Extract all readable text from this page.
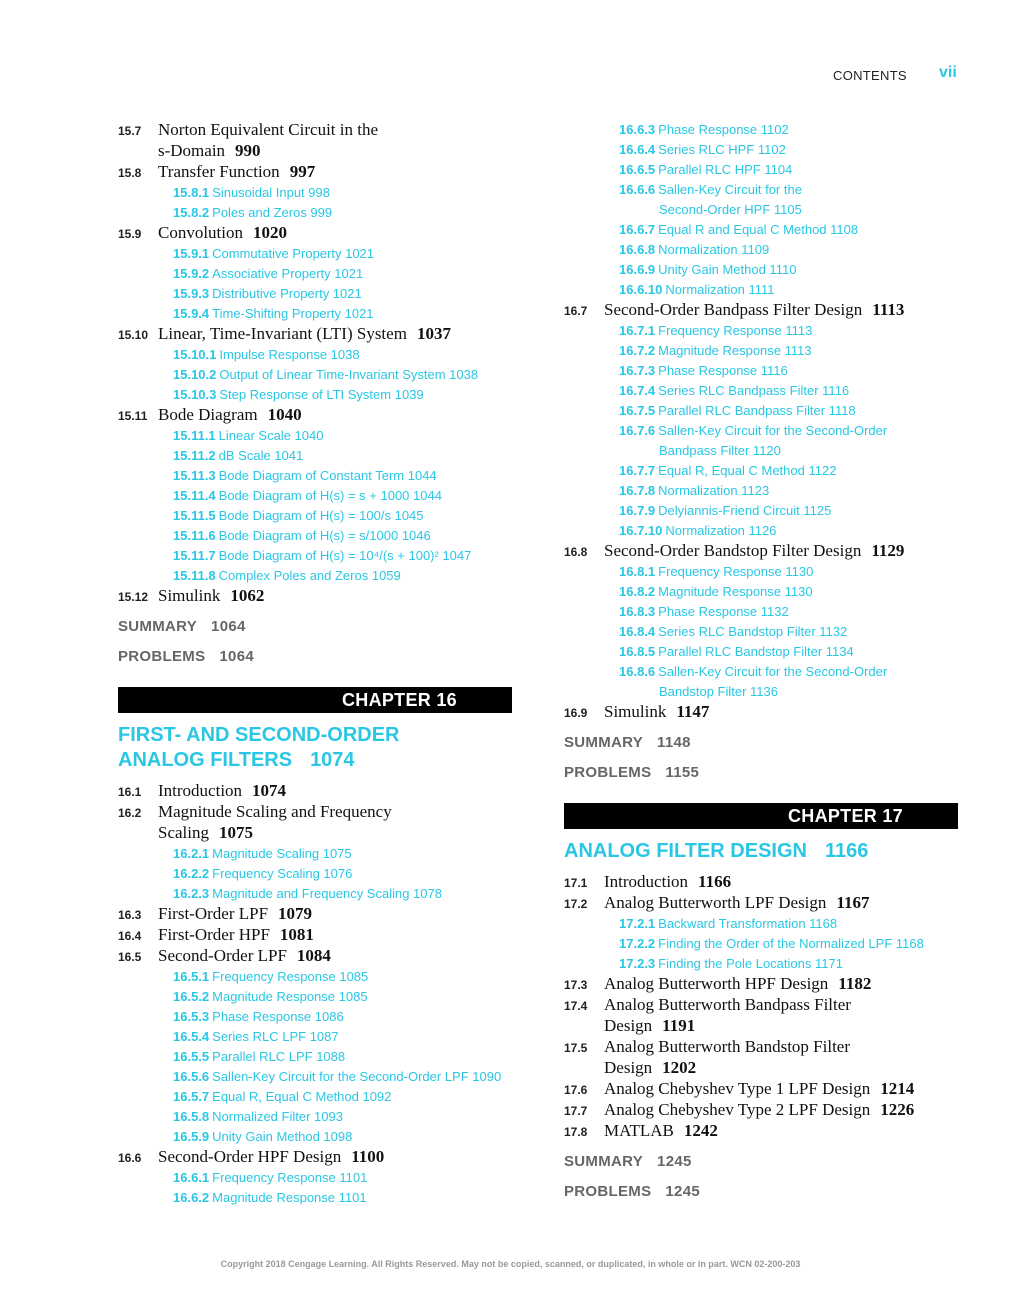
CONTENTS vii
15.7 Norton Equivalent Circuit in the
s-Domain 990
15.8 Transfer Function 997
15.8.1 Sinusoidal Input 998
15.8.2 Poles and Zeros 999
15.9 Convolution 1020
15.9.1 Commutative Property 1021
15.9.2 Associative Property 1021
15.9.3 Distributive Property 1021
15.9.4 Time-Shifting Property 1021
15.10 Linear, Time-Invariant (LTI) System 1037
15.10.1 Impulse Response 1038
15.10.2 Output of Linear Time-Invariant System 1038
15.10.3 Step Response of LTI System 1039
15.11 Bode Diagram 1040
15.11.1 Linear Scale 1040
15.11.2 dB Scale 1041
15.11.3 Bode Diagram of Constant Term 1044
15.11.4 Bode Diagram of H(s) = s + 1000 1044
15.11.5 Bode Diagram of H(s) = 100/s 1045
15.11.6 Bode Diagram of H(s) = s/1000 1046
15.11.7 Bode Diagram of H(s) = 10⁴/(s + 100)² 1047
15.11.8 Complex Poles and Zeros 1059
15.12 Simulink 1062
SUMMARY 1064
PROBLEMS 1064
CHAPTER 16
FIRST- AND SECOND-ORDER
ANALOG FILTERS 1074
16.1 Introduction 1074
16.2 Magnitude Scaling and Frequency
Scaling 1075
16.2.1 Magnitude Scaling 1075
16.2.2 Frequency Scaling 1076
16.2.3 Magnitude and Frequency Scaling 1078
16.3 First-Order LPF 1079
16.4 First-Order HPF 1081
16.5 Second-Order LPF 1084
16.5.1 Frequency Response 1085
16.5.2 Magnitude Response 1085
16.5.3 Phase Response 1086
16.5.4 Series RLC LPF 1087
16.5.5 Parallel RLC LPF 1088
16.5.6 Sallen-Key Circuit for the Second-Order LPF 1090
16.5.7 Equal R, Equal C Method 1092
16.5.8 Normalized Filter 1093
16.5.9 Unity Gain Method 1098
16.6 Second-Order HPF Design 1100
16.6.1 Frequency Response 1101
16.6.2 Magnitude Response 1101
16.6.3 Phase Response 1102
16.6.4 Series RLC HPF 1102
16.6.5 Parallel RLC HPF 1104
16.6.6 Sallen-Key Circuit for the
Second-Order HPF 1105
16.6.7 Equal R and Equal C Method 1108
16.6.8 Normalization 1109
16.6.9 Unity Gain Method 1110
16.6.10 Normalization 1111
16.7 Second-Order Bandpass Filter Design 1113
16.7.1 Frequency Response 1113
16.7.2 Magnitude Response 1113
16.7.3 Phase Response 1116
16.7.4 Series RLC Bandpass Filter 1116
16.7.5 Parallel RLC Bandpass Filter 1118
16.7.6 Sallen-Key Circuit for the Second-Order
Bandpass Filter 1120
16.7.7 Equal R, Equal C Method 1122
16.7.8 Normalization 1123
16.7.9 Delyiannis-Friend Circuit 1125
16.7.10 Normalization 1126
16.8 Second-Order Bandstop Filter Design 1129
16.8.1 Frequency Response 1130
16.8.2 Magnitude Response 1130
16.8.3 Phase Response 1132
16.8.4 Series RLC Bandstop Filter 1132
16.8.5 Parallel RLC Bandstop Filter 1134
16.8.6 Sallen-Key Circuit for the Second-Order
Bandstop Filter 1136
16.9 Simulink 1147
SUMMARY 1148
PROBLEMS 1155
CHAPTER 17
ANALOG FILTER DESIGN 1166
17.1 Introduction 1166
17.2 Analog Butterworth LPF Design 1167
17.2.1 Backward Transformation 1168
17.2.2 Finding the Order of the Normalized LPF 1168
17.2.3 Finding the Pole Locations 1171
17.3 Analog Butterworth HPF Design 1182
17.4 Analog Butterworth Bandpass Filter
Design 1191
17.5 Analog Butterworth Bandstop Filter
Design 1202
17.6 Analog Chebyshev Type 1 LPF Design 1214
17.7 Analog Chebyshev Type 2 LPF Design 1226
17.8 MATLAB 1242
SUMMARY 1245
PROBLEMS 1245
Copyright 2018 Cengage Learning. All Rights Reserved. May not be copied, scanned, or duplicated, in whole or in part. WCN 02-200-203
